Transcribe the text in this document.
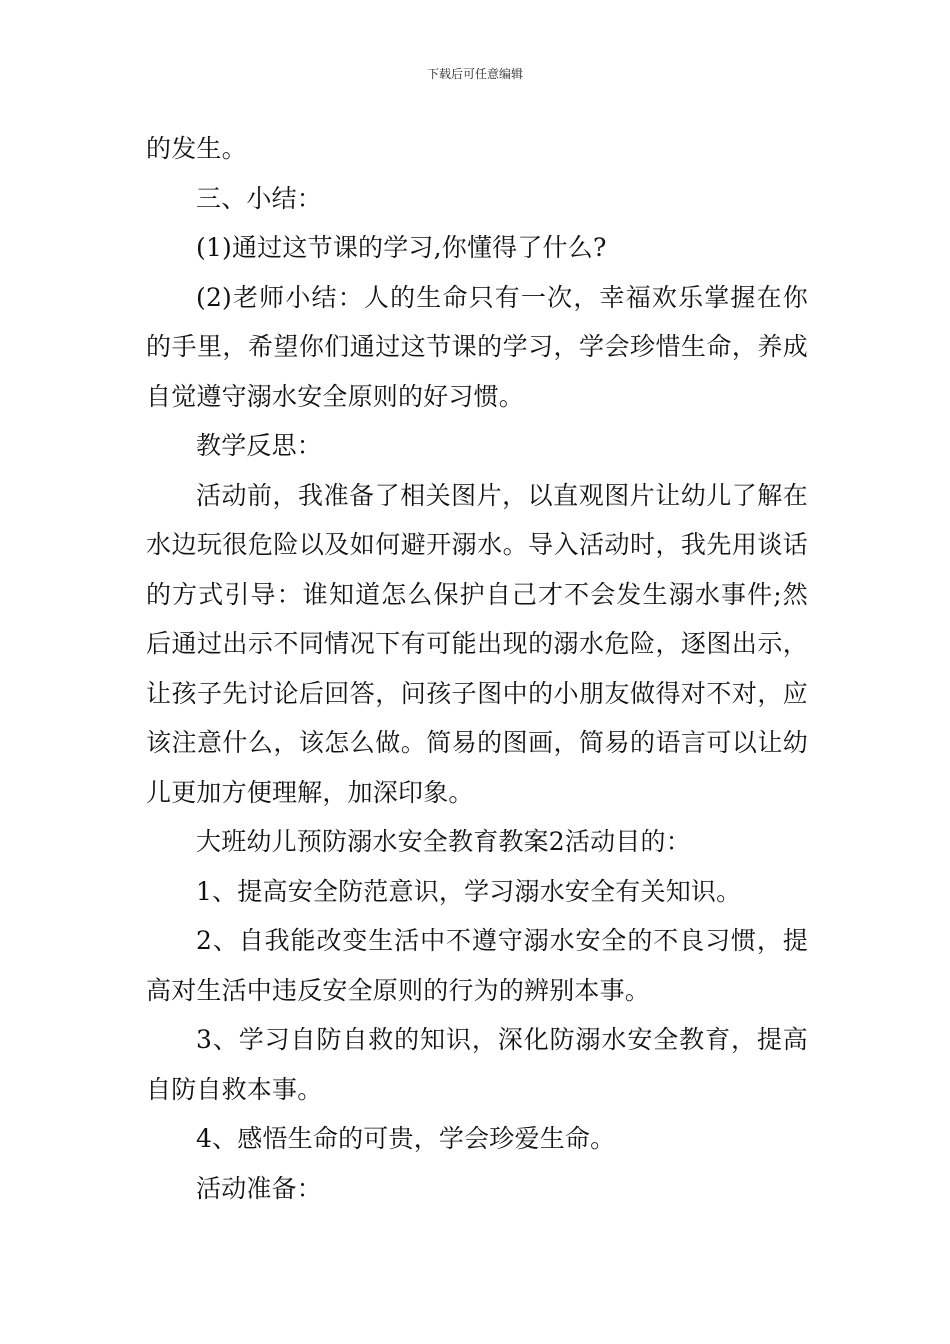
下载后可任意编辑

的发生。

三、小结：

(1)通过这节课的学习,你懂得了什么?

(2)老师小结：人的生命只有一次，幸福欢乐掌握在你的手里，希望你们通过这节课的学习，学会珍惜生命，养成自觉遵守溺水安全原则的好习惯。

教学反思：

活动前，我准备了相关图片，以直观图片让幼儿了解在水边玩很危险以及如何避开溺水。导入活动时，我先用谈话的方式引导：谁知道怎么保护自己才不会发生溺水事件;然后通过出示不同情况下有可能出现的溺水危险，逐图出示，让孩子先讨论后回答，问孩子图中的小朋友做得对不对，应该注意什么，该怎么做。简易的图画，简易的语言可以让幼儿更加方便理解，加深印象。

大班幼儿预防溺水安全教育教案2活动目的：

1、提高安全防范意识，学习溺水安全有关知识。

2、自我能改变生活中不遵守溺水安全的不良习惯，提高对生活中违反安全原则的行为的辨别本事。

3、学习自防自救的知识，深化防溺水安全教育，提高自防自救本事。

4、感悟生命的可贵，学会珍爱生命。

活动准备：
